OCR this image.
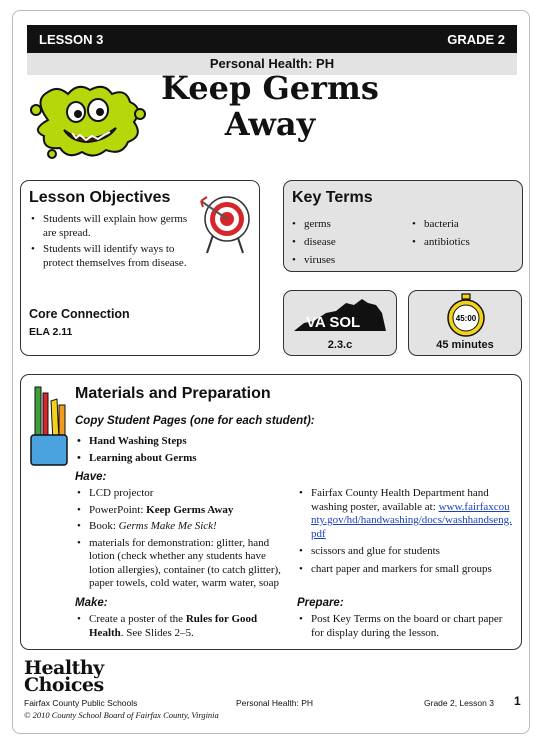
LESSON 3	GRADE 2
Personal Health: PH
Keep Germs
Away
Lesson Objectives
• Students will explain how germs are spread.
• Students will identify ways to protect themselves from disease.
Core Connection
ELA 2.11
Key Terms
• germs
• disease
• viruses
• bacteria
• antibiotics
VA SOL
2.3.c
45:00
45 minutes
Materials and Preparation
Copy Student Pages (one for each student):
• Hand Washing Steps
• Learning about Germs
Have:
• LCD projector
• PowerPoint: Keep Germs Away
• Book: Germs Make Me Sick!
• materials for demonstration: glitter, hand lotion (check whether any students have lotion allergies), container (to catch glitter), paper towels, cold water, warm water, soap
• Fairfax County Health Department hand washing poster, available at: www.fairfaxcounty.gov/hd/handwashing/docs/washhandseng.pdf
• scissors and glue for students
• chart paper and markers for small groups
Make:
• Create a poster of the Rules for Good Health. See Slides 2–5.
Prepare:
• Post Key Terms on the board or chart paper for display during the lesson.
Healthy
Choices
Fairfax County Public Schools
© 2010 County School Board of Fairfax County, Virginia
Personal Health: PH	Grade 2, Lesson 3 1
